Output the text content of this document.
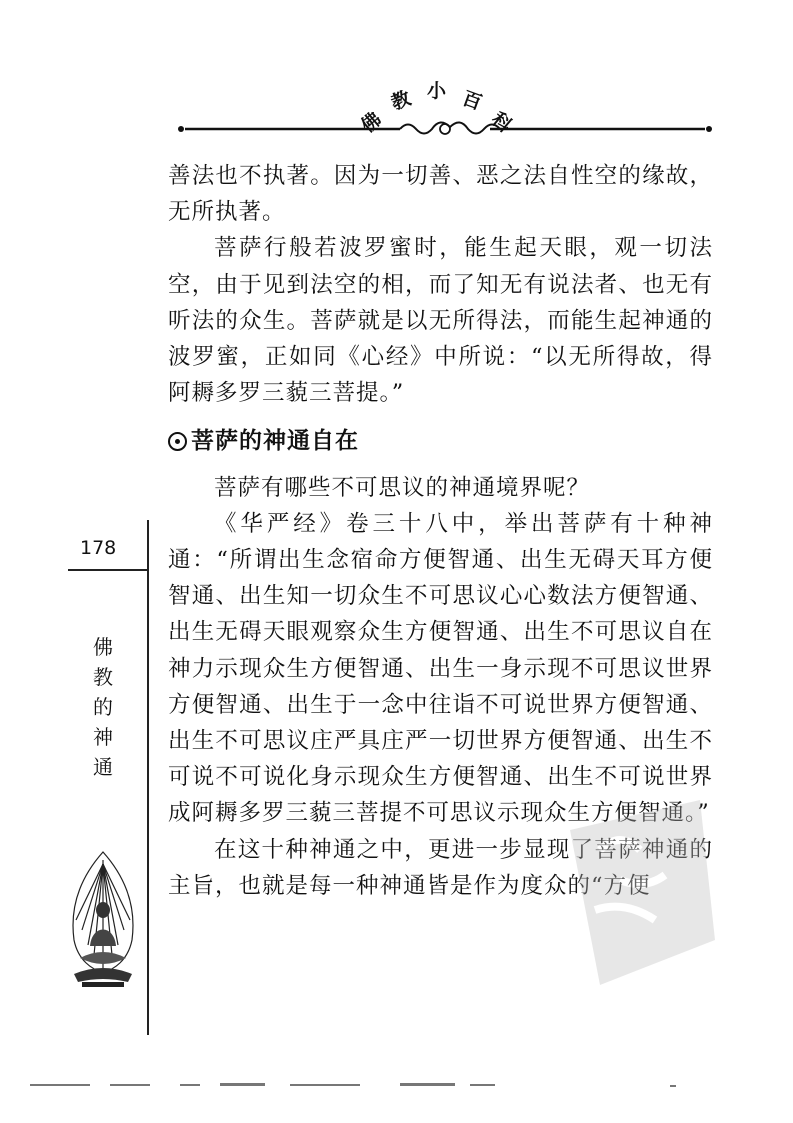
佛
教 小 百
科

善法也不执著。因为一切善、恶之法自性空的缘故，无所执著。

菩萨行般若波罗蜜时，能生起天眼，观一切法空，由于见到法空的相，而了知无有说法者、也无有听法的众生。菩萨就是以无所得法，而能生起神通的波罗蜜，正如同《心经》中所说：“以无所得故，得阿耨多罗三藐三菩提。”

菩萨的神通自在

菩萨有哪些不可思议的神通境界呢？

《华严经》卷三十八中，举出菩萨有十种神通：“所谓出生念宿命方便智通、出生无碍天耳方便智通、出生知一切众生不可思议心心数法方便智通、出生无碍天眼观察众生方便智通、出生不可思议自在神力示现众生方便智通、出生一身示现不可思议世界方便智通、出生于一念中往诣不可说世界方便智通、出生不可思议庄严具庄严一切世界方便智通、出生不可说不可说化身示现众生方便智通、出生不可说世界成阿耨多罗三藐三菩提不可思议示现众生方便智通。”

在这十种神通之中，更进一步显现了菩萨神通的主旨，也就是每一种神通皆是作为度众的“方便

178
佛
教
的
神
通
